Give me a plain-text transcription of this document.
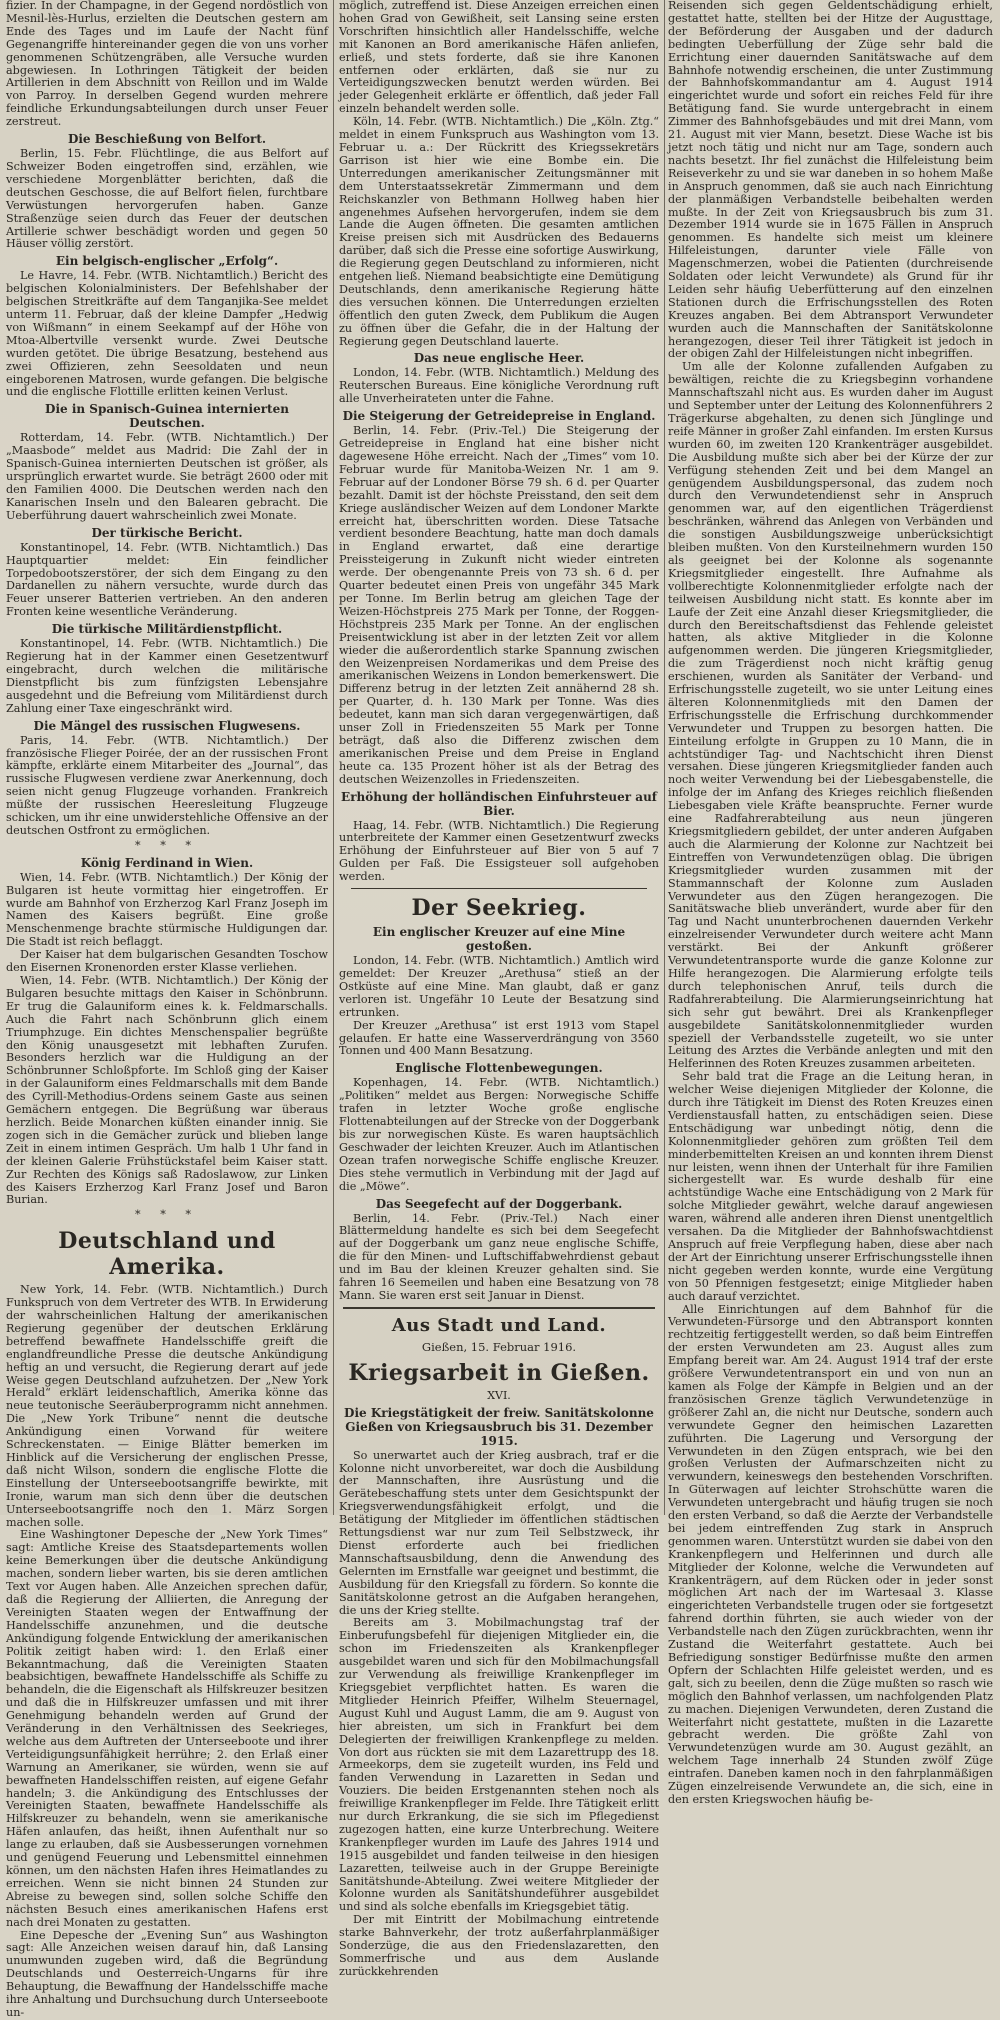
fizier. In der Champagne, in der Gegend nordöstlich von Mesnil-lès-Hurlus, erzielten die Deutschen gestern am Ende des Tages und im Laufe der Nacht fünf Gegenangriffe hintereinander gegen die von uns vorher genommenen Schützengräben, alle Versuche wurden abgewiesen. In Lothringen Tätigkeit der beiden Artillerien in dem Abschnitt von Reillon und im Walde von Parroy. In derselben Gegend wurden mehrere feindliche Erkundungsabteilungen durch unser Feuer zerstreut.

Die Beschießung von Belfort.

Berlin, 15. Febr. Flüchtlinge, die aus Belfort auf Schweizer Boden eingetroffen sind, erzählen, wie verschiedene Morgenblätter berichten, daß die deutschen Geschosse, die auf Belfort fielen, furchtbare Verwüstungen hervorgerufen haben. Ganze Straßenzüge seien durch das Feuer der deutschen Artillerie schwer beschädigt worden und gegen 50 Häuser völlig zerstört.

Ein belgisch-englischer „Erfolg“.

Le Havre, 14. Febr. (WTB. Nichtamtlich.) Bericht des belgischen Kolonialministers. Der Befehlshaber der belgischen Streitkräfte auf dem Tanganjika-See meldet unterm 11. Februar, daß der kleine Dampfer „Hedwig von Wißmann“ in einem Seekampf auf der Höhe von Mtoa-Albertville versenkt wurde. Zwei Deutsche wurden getötet. Die übrige Besatzung, bestehend aus zwei Offizieren, zehn Seesoldaten und neun eingeborenen Matrosen, wurde gefangen. Die belgische und die englische Flottille erlitten keinen Verlust.

Die in Spanisch-Guinea internierten Deutschen.

Rotterdam, 14. Febr. (WTB. Nichtamtlich.) Der „Maasbode“ meldet aus Madrid: Die Zahl der in Spanisch-Guinea internierten Deutschen ist größer, als ursprünglich erwartet wurde. Sie beträgt 2600 oder mit den Familien 4000. Die Deutschen werden nach den Kanarischen Inseln und den Balearen gebracht. Die Ueberführung dauert wahrscheinlich zwei Monate.

Der türkische Bericht.

Konstantinopel, 14. Febr. (WTB. Nichtamtlich.) Das Hauptquartier meldet: Ein feindlicher Torpedobootszerstörer, der sich dem Eingang zu den Dardanellen zu nähern versuchte, wurde durch das Feuer unserer Batterien vertrieben. An den anderen Fronten keine wesentliche Veränderung.

Die türkische Militärdienstpflicht.

Konstantinopel, 14. Febr. (WTB. Nichtamtlich.) Die Regierung hat in der Kammer einen Gesetzentwurf eingebracht, durch welchen die militärische Dienstpflicht bis zum fünfzigsten Lebensjahre ausgedehnt und die Befreiung vom Militärdienst durch Zahlung einer Taxe eingeschränkt wird.

Die Mängel des russischen Flugwesens.

Paris, 14. Febr. (WTB. Nichtamtlich.) Der französische Flieger Poirée, der an der russischen Front kämpfte, erklärte einem Mitarbeiter des „Journal“, das russische Flugwesen verdiene zwar Anerkennung, doch seien nicht genug Flugzeuge vorhanden. Frankreich müßte der russischen Heeresleitung Flugzeuge schicken, um ihr eine unwiderstehliche Offensive an der deutschen Ostfront zu ermöglichen.

* * *
König Ferdinand in Wien.

Wien, 14. Febr. (WTB. Nichtamtlich.) Der König der Bulgaren ist heute vormittag hier eingetroffen. Er wurde am Bahnhof von Erzherzog Karl Franz Joseph im Namen des Kaisers begrüßt. Eine große Menschenmenge brachte stürmische Huldigungen dar. Die Stadt ist reich beflaggt.

Der Kaiser hat dem bulgarischen Gesandten Toschow den Eisernen Kronenorden erster Klasse verliehen.

Wien, 14. Febr. (WTB. Nichtamtlich.) Der König der Bulgaren besuchte mittags den Kaiser in Schönbrunn. Er trug die Galauniform eines k. k. Feldmarschalls. Auch die Fahrt nach Schönbrunn glich einem Triumphzuge. Ein dichtes Menschenspalier begrüßte den König unausgesetzt mit lebhaften Zurufen. Besonders herzlich war die Huldigung an der Schönbrunner Schloßpforte. Im Schloß ging der Kaiser in der Galauniform eines Feldmarschalls mit dem Bande des Cyrill-Methodius-Ordens seinem Gaste aus seinen Gemächern entgegen. Die Begrüßung war überaus herzlich. Beide Monarchen küßten einander innig. Sie zogen sich in die Gemächer zurück und blieben lange Zeit in einem intimen Gespräch. Um halb 1 Uhr fand in der kleinen Galerie Frühstückstafel beim Kaiser statt. Zur Rechten des Königs saß Radoslawow, zur Linken des Kaisers Erzherzog Karl Franz Josef und Baron Burian.

* * *
Deutschland und Amerika.

New York, 14. Febr. (WTB. Nichtamtlich.) Durch Funkspruch von dem Vertreter des WTB. In Erwiderung der wahrscheinlichen Haltung der amerikanischen Regierung gegenüber der deutschen Erklärung betreffend bewaffnete Handelsschiffe greift die englandfreundliche Presse die deutsche Ankündigung heftig an und versucht, die Regierung derart auf jede Weise gegen Deutschland aufzuhetzen. Der „New York Herald“ erklärt leidenschaftlich, Amerika könne das neue teutonische Seeräuberprogramm nicht annehmen. Die „New York Tribune“ nennt die deutsche Ankündigung einen Vorwand für weitere Schreckenstaten. — Einige Blätter bemerken im Hinblick auf die Versicherung der englischen Presse, daß nicht Wilson, sondern die englische Flotte die Einstellung der Unterseebootsangriffe bewirkte, mit Ironie, warum man sich denn über die deutschen Unterseebootsangriffe noch den 1. März Sorgen machen solle.

Eine Washingtoner Depesche der „New York Times“ sagt: Amtliche Kreise des Staatsdepartements wollen keine Bemerkungen über die deutsche Ankündigung machen, sondern lieber warten, bis sie deren amtlichen Text vor Augen haben. Alle Anzeichen sprechen dafür, daß die Regierung der Alliierten, die Anregung der Vereinigten Staaten wegen der Entwaffnung der Handelsschiffe anzunehmen, und die deutsche Ankündigung folgende Entwicklung der amerikanischen Politik zeitigt haben wird: 1. den Erlaß einer Bekanntmachung, daß die Vereinigten Staaten beabsichtigen, bewaffnete Handelsschiffe als Schiffe zu behandeln, die die Eigenschaft als Hilfskreuzer besitzen und daß die in Hilfskreuzer umfassen und mit ihrer Genehmigung behandeln werden auf Grund der Veränderung in den Verhältnissen des Seekrieges, welche aus dem Auftreten der Unterseeboote und ihrer Verteidigungsunfähigkeit herrühre; 2. den Erlaß einer Warnung an Amerikaner, sie würden, wenn sie auf bewaffneten Handelsschiffen reisten, auf eigene Gefahr handeln; 3. die Ankündigung des Entschlusses der Vereinigten Staaten, bewaffnete Handelsschiffe als Hilfskreuzer zu behandeln, wenn sie amerikanische Häfen anlaufen, das heißt, ihnen Aufenthalt nur so lange zu erlauben, daß sie Ausbesserungen vornehmen und genügend Feuerung und Lebensmittel einnehmen können, um den nächsten Hafen ihres Heimatlandes zu erreichen. Wenn sie nicht binnen 24 Stunden zur Abreise zu bewegen sind, sollen solche Schiffe den nächsten Besuch eines amerikanischen Hafens erst nach drei Monaten zu gestatten.

Eine Depesche der „Evening Sun“ aus Washington sagt: Alle Anzeichen weisen darauf hin, daß Lansing unumwunden zugeben wird, daß die Begründung Deutschlands und Oesterreich-Ungarns für ihre Behauptung, die Bewaffnung der Handelsschiffe mache ihre Anhaltung und Durchsuchung durch Unterseeboote un-

möglich, zutreffend ist. Diese Anzeigen erreichen einen hohen Grad von Gewißheit, seit Lansing seine ersten Vorschriften hinsichtlich aller Handelsschiffe, welche mit Kanonen an Bord amerikanische Häfen anliefen, erließ, und stets forderte, daß sie ihre Kanonen entfernen oder erklärten, daß sie nur zu Verteidigungszwecken benutzt werden würden. Bei jeder Gelegenheit erklärte er öffentlich, daß jeder Fall einzeln behandelt werden solle.

Köln, 14. Febr. (WTB. Nichtamtlich.) Die „Köln. Ztg.“ meldet in einem Funkspruch aus Washington vom 13. Februar u. a.: Der Rückritt des Kriegssekretärs Garrison ist hier wie eine Bombe ein. Die Unterredungen amerikanischer Zeitungsmänner mit dem Unterstaatssekretär Zimmermann und dem Reichskanzler von Bethmann Hollweg haben hier angenehmes Aufsehen hervorgerufen, indem sie dem Lande die Augen öffneten. Die gesamten amtlichen Kreise preisen sich mit Ausdrücken des Bedauerns darüber, daß sich die Presse eine sofortige Auswirkung, die Regierung gegen Deutschland zu informieren, nicht entgehen ließ. Niemand beabsichtigte eine Demütigung Deutschlands, denn amerikanische Regierung hätte dies versuchen können. Die Unterredungen erzielten öffentlich den guten Zweck, dem Publikum die Augen zu öffnen über die Gefahr, die in der Haltung der Regierung gegen Deutschland lauerte.

Das neue englische Heer.

London, 14. Febr. (WTB. Nichtamtlich.) Meldung des Reuterschen Bureaus. Eine königliche Verordnung ruft alle Unverheirateten unter die Fahne.

Die Steigerung der Getreidepreise in England.

Berlin, 14. Febr. (Priv.-Tel.) Die Steigerung der Getreidepreise in England hat eine bisher nicht dagewesene Höhe erreicht. Nach der „Times“ vom 10. Februar wurde für Manitoba-Weizen Nr. 1 am 9. Februar auf der Londoner Börse 79 sh. 6 d. per Quarter bezahlt. Damit ist der höchste Preisstand, den seit dem Kriege ausländischer Weizen auf dem Londoner Markte erreicht hat, überschritten worden. Diese Tatsache verdient besondere Beachtung, hatte man doch damals in England erwartet, daß eine derartige Preissteigerung in Zukunft nicht wieder eintreten werde. Der obengenannte Preis von 73 sh. 6 d. per Quarter bedeutet einen Preis von ungefähr 345 Mark per Tonne. Im Berlin betrug am gleichen Tage der Weizen-Höchstpreis 275 Mark per Tonne, der Roggen-Höchstpreis 235 Mark per Tonne. An der englischen Preisentwicklung ist aber in der letzten Zeit vor allem wieder die außerordentlich starke Spannung zwischen den Weizenpreisen Nordamerikas und dem Preise des amerikanischen Weizens in London bemerkenswert. Die Differenz betrug in der letzten Zeit annähernd 28 sh. per Quarter, d. h. 130 Mark per Tonne. Was dies bedeutet, kann man sich daran vergegenwärtigen, daß unser Zoll in Friedenszeiten 55 Mark per Tonne beträgt, daß also die Differenz zwischen dem amerikanischen Preise und dem Preise in England heute ca. 135 Prozent höher ist als der Betrag des deutschen Weizenzolles in Friedenszeiten.

Erhöhung der holländischen Einfuhrsteuer auf Bier.

Haag, 14. Febr. (WTB. Nichtamtlich.) Die Regierung unterbreitete der Kammer einen Gesetzentwurf zwecks Erhöhung der Einfuhrsteuer auf Bier von 5 auf 7 Gulden per Faß. Die Essigsteuer soll aufgehoben werden.

Der Seekrieg.
Ein englischer Kreuzer auf eine Mine gestoßen.

London, 14. Febr. (WTB. Nichtamtlich.) Amtlich wird gemeldet: Der Kreuzer „Arethusa“ stieß an der Ostküste auf eine Mine. Man glaubt, daß er ganz verloren ist. Ungefähr 10 Leute der Besatzung sind ertrunken.

Der Kreuzer „Arethusa“ ist erst 1913 vom Stapel gelaufen. Er hatte eine Wasserverdrängung von 3560 Tonnen und 400 Mann Besatzung.

Englische Flottenbewegungen.

Kopenhagen, 14. Febr. (WTB. Nichtamtlich.) „Politiken“ meldet aus Bergen: Norwegische Schiffe trafen in letzter Woche große englische Flottenabteilungen auf der Strecke von der Doggerbank bis zur norwegischen Küste. Es waren hauptsächlich Geschwader der leichten Kreuzer. Auch im Atlantischen Ozean trafen norwegische Schiffe englische Kreuzer. Dies stehe vermutlich in Verbindung mit der Jagd auf die „Möwe“.

Das Seegefecht auf der Doggerbank.

Berlin, 14. Febr. (Priv.-Tel.) Nach einer Blättermeldung handelte es sich bei dem Seegefecht auf der Doggerbank um ganz neue englische Schiffe, die für den Minen- und Luftschiffabwehrdienst gebaut und im Bau der kleinen Kreuzer gehalten sind. Sie fahren 16 Seemeilen und haben eine Besatzung von 78 Mann. Sie waren erst seit Januar in Dienst.

Aus Stadt und Land.
Gießen, 15. Februar 1916.
Kriegsarbeit in Gießen.
XVI.
Die Kriegstätigkeit der freiw. Sanitätskolonne Gießen von Kriegsausbruch bis 31. Dezember 1915.

So unerwartet auch der Krieg ausbrach, traf er die Kolonne nicht unvorbereitet, war doch die Ausbildung der Mannschaften, ihre Ausrüstung und die Gerätebeschaffung stets unter dem Gesichtspunkt der Kriegsverwendungsfähigkeit erfolgt, und die Betätigung der Mitglieder im öffentlichen städtischen Rettungsdienst war nur zum Teil Selbstzweck, ihr Dienst erforderte auch bei friedlichen Mannschaftsausbildung, denn die Anwendung des Gelernten im Ernstfalle war geeignet und bestimmt, die Ausbildung für den Kriegsfall zu fördern. So konnte die Sanitätskolonne getrost an die Aufgaben herangehen, die uns der Krieg stellte.

Bereits am 3. Mobilmachungstag traf der Einberufungsbefehl für diejenigen Mitglieder ein, die schon im Friedenszeiten als Krankenpfleger ausgebildet waren und sich für den Mobilmachungsfall zur Verwendung als freiwillige Krankenpfleger im Kriegsgebiet verpflichtet hatten. Es waren die Mitglieder Heinrich Pfeiffer, Wilhelm Steuernagel, August Kuhl und August Lamm, die am 9. August von hier abreisten, um sich in Frankfurt bei dem Delegierten der freiwilligen Krankenpflege zu melden. Von dort aus rückten sie mit dem Lazarettrupp des 18. Armeekorps, dem sie zugeteilt wurden, ins Feld und fanden Verwendung in Lazaretten in Sedan und Vouziers. Die beiden Erstgenannten stehen noch als freiwillige Krankenpfleger im Felde. Ihre Tätigkeit erlitt nur durch Erkrankung, die sie sich im Pflegedienst zugezogen hatten, eine kurze Unterbrechung. Weitere Krankenpfleger wurden im Laufe des Jahres 1914 und 1915 ausgebildet und fanden teilweise in den hiesigen Lazaretten, teilweise auch in der Gruppe Bereinigte Sanitätshunde-Abteilung. Zwei weitere Mitglieder der Kolonne wurden als Sanitätshundeführer ausgebildet und sind als solche ebenfalls im Kriegsgebiet tätig.

Der mit Eintritt der Mobilmachung eintretende starke Bahnverkehr, der trotz außerfahrplanmäßiger Sonderzüge, die aus den Friedenslazaretten, den Sommerfrische und aus dem Auslande zurückkehrenden

Reisenden sich gegen Geldentschädigung erhielt, gestattet hatte, stellten bei der Hitze der Augusttage, der Beförderung der Ausgaben und der dadurch bedingten Ueberfüllung der Züge sehr bald die Errichtung einer dauernden Sanitätswache auf dem Bahnhofe notwendig erscheinen, die unter Zustimmung der Bahnhofskommandantur am 4. August 1914 eingerichtet wurde und sofort ein reiches Feld für ihre Betätigung fand. Sie wurde untergebracht in einem Zimmer des Bahnhofsgebäudes und mit drei Mann, vom 21. August mit vier Mann, besetzt. Diese Wache ist bis jetzt noch tätig und nicht nur am Tage, sondern auch nachts besetzt. Ihr fiel zunächst die Hilfeleistung beim Reiseverkehr zu und sie war daneben in so hohem Maße in Anspruch genommen, daß sie auch nach Einrichtung der planmäßigen Verbandstelle beibehalten werden mußte. In der Zeit von Kriegsausbruch bis zum 31. Dezember 1914 wurde sie in 1675 Fällen in Anspruch genommen. Es handelte sich meist um kleinere Hilfeleistungen, darunter viele Fälle von Magenschmerzen, wobei die Patienten (durchreisende Soldaten oder leicht Verwundete) als Grund für ihr Leiden sehr häufig Ueberfütterung auf den einzelnen Stationen durch die Erfrischungsstellen des Roten Kreuzes angaben. Bei dem Abtransport Verwundeter wurden auch die Mannschaften der Sanitätskolonne herangezogen, dieser Teil ihrer Tätigkeit ist jedoch in der obigen Zahl der Hilfeleistungen nicht inbegriffen.

Um alle der Kolonne zufallenden Aufgaben zu bewältigen, reichte die zu Kriegsbeginn vorhandene Mannschaftszahl nicht aus. Es wurden daher im August und September unter der Leitung des Kolonnenführers 2 Trägerkurse abgehalten, zu denen sich Jünglinge und reife Männer in großer Zahl einfanden. Im ersten Kursus wurden 60, im zweiten 120 Krankenträger ausgebildet. Die Ausbildung mußte sich aber bei der Kürze der zur Verfügung stehenden Zeit und bei dem Mangel an genügendem Ausbildungspersonal, das zudem noch durch den Verwundetendienst sehr in Anspruch genommen war, auf den eigentlichen Trägerdienst beschränken, während das Anlegen von Verbänden und die sonstigen Ausbildungszweige unberücksichtigt bleiben mußten. Von den Kursteilnehmern wurden 150 als geeignet bei der Kolonne als sogenannte Kriegsmitglieder eingestellt. Ihre Aufnahme als vollberechtigte Kolonnenmitglieder erfolgte nach der teilweisen Ausbildung nicht statt. Es konnte aber im Laufe der Zeit eine Anzahl dieser Kriegsmitglieder, die durch den Bereitschaftsdienst das Fehlende geleistet hatten, als aktive Mitglieder in die Kolonne aufgenommen werden. Die jüngeren Kriegsmitglieder, die zum Trägerdienst noch nicht kräftig genug erschienen, wurden als Sanitäter der Verband- und Erfrischungsstelle zugeteilt, wo sie unter Leitung eines älteren Kolonnenmitglieds mit den Damen der Erfrischungsstelle die Erfrischung durchkommender Verwundeter und Truppen zu besorgen hatten. Die Einteilung erfolgte in Gruppen zu 10 Mann, die in achtstündiger Tag- und Nachtschicht ihren Dienst versahen. Diese jüngeren Kriegsmitglieder fanden auch noch weiter Verwendung bei der Liebesgabenstelle, die infolge der im Anfang des Krieges reichlich fließenden Liebesgaben viele Kräfte beanspruchte. Ferner wurde eine Radfahrerabteilung aus neun jüngeren Kriegsmitgliedern gebildet, der unter anderen Aufgaben auch die Alarmierung der Kolonne zur Nachtzeit bei Eintreffen von Verwundetenzügen oblag. Die übrigen Kriegsmitglieder wurden zusammen mit der Stammannschaft der Kolonne zum Ausladen Verwundeter aus den Zügen herangezogen. Die Sanitätswache blieb unverändert, wurde aber für den Tag und Nacht ununterbrochenen dauernden Verkehr einzelreisender Verwundeter durch weitere acht Mann verstärkt. Bei der Ankunft größerer Verwundetentransporte wurde die ganze Kolonne zur Hilfe herangezogen. Die Alarmierung erfolgte teils durch telephonischen Anruf, teils durch die Radfahrerabteilung. Die Alarmierungseinrichtung hat sich sehr gut bewährt. Drei als Krankenpfleger ausgebildete Sanitätskolonnenmitglieder wurden speziell der Verbandsstelle zugeteilt, wo sie unter Leitung des Arztes die Verbände anlegten und mit den Helferinnen des Roten Kreuzes zusammen arbeiteten.

Sehr bald trat die Frage an die Leitung heran, in welcher Weise diejenigen Mitglieder der Kolonne, die durch ihre Tätigkeit im Dienst des Roten Kreuzes einen Verdienstausfall hatten, zu entschädigen seien. Diese Entschädigung war unbedingt nötig, denn die Kolonnenmitglieder gehören zum größten Teil dem minderbemittelten Kreisen an und konnten ihrem Dienst nur leisten, wenn ihnen der Unterhalt für ihre Familien sichergestellt war. Es wurde deshalb für eine achtstündige Wache eine Entschädigung von 2 Mark für solche Mitglieder gewährt, welche darauf angewiesen waren, während alle anderen ihren Dienst unentgeltlich versahen. Da die Mitglieder der Bahnhofswachtdienst Anspruch auf freie Verpflegung haben, diese aber nach der Art der Einrichtung unserer Erfrischungsstelle ihnen nicht gegeben werden konnte, wurde eine Vergütung von 50 Pfennigen festgesetzt; einige Mitglieder haben auch darauf verzichtet.

Alle Einrichtungen auf dem Bahnhof für die Verwundeten-Fürsorge und den Abtransport konnten rechtzeitig fertiggestellt werden, so daß beim Eintreffen der ersten Verwundeten am 23. August alles zum Empfang bereit war. Am 24. August 1914 traf der erste größere Verwundetentransport ein und von nun an kamen als Folge der Kämpfe in Belgien und an der französischen Grenze täglich Verwundetenzüge in größerer Zahl an, die nicht nur Deutsche, sondern auch verwundete Gegner den heimischen Lazaretten zuführten. Die Lagerung und Versorgung der Verwundeten in den Zügen entsprach, wie bei den großen Verlusten der Aufmarschzeiten nicht zu verwundern, keineswegs den bestehenden Vorschriften. In Güterwagen auf leichter Strohschütte waren die Verwundeten untergebracht und häufig trugen sie noch den ersten Verband, so daß die Aerzte der Verbandstelle bei jedem eintreffenden Zug stark in Anspruch genommen waren. Unterstützt wurden sie dabei von den Krankenpflegern und Helferinnen und durch alle Mitglieder der Kolonne, welche die Verwundeten auf Krankenträgern, auf dem Rücken oder in jeder sonst möglichen Art nach der im Wartesaal 3. Klasse eingerichteten Verbandstelle trugen oder sie fortgesetzt fahrend dorthin führten, sie auch wieder von der Verbandstelle nach den Zügen zurückbrachten, wenn ihr Zustand die Weiterfahrt gestattete. Auch bei Befriedigung sonstiger Bedürfnisse mußte den armen Opfern der Schlachten Hilfe geleistet werden, und es galt, sich zu beeilen, denn die Züge mußten so rasch wie möglich den Bahnhof verlassen, um nachfolgenden Platz zu machen. Diejenigen Verwundeten, deren Zustand die Weiterfahrt nicht gestattete, mußten in die Lazarette gebracht werden. Die größte Zahl von Verwundetenzügen wurde am 30. August gezählt, an welchem Tage innerhalb 24 Stunden zwölf Züge eintrafen. Daneben kamen noch in den fahrplanmäßigen Zügen einzelreisende Verwundete an, die sich, eine in den ersten Kriegswochen häufig be-
